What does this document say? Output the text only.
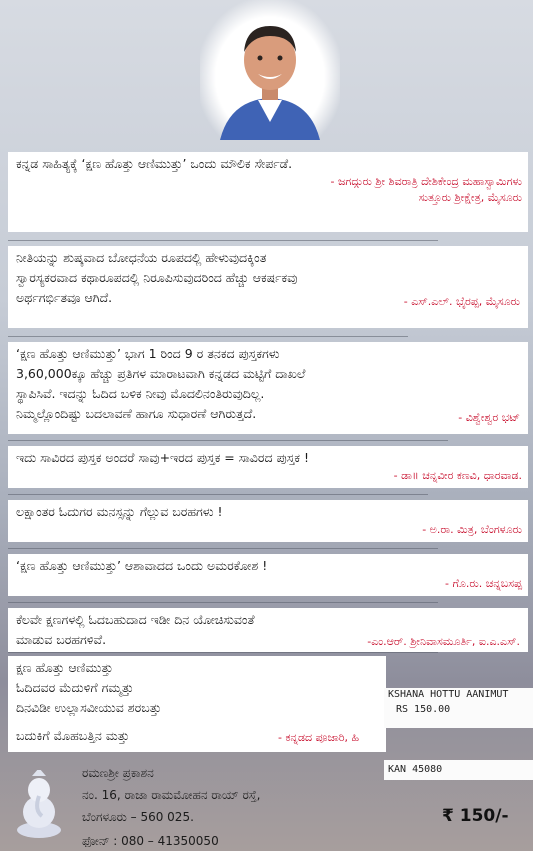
ಕನ್ನಡ ಸಾಹಿತ್ಯಕ್ಕೆ ‘ಕ್ಷಣ ಹೊತ್ತು ಆಣಿಮುತ್ತು’ ಒಂದು ಮೌಲಿಕ ಸೇರ್ಪಡೆ.
- ಜಗದ್ಗುರು ಶ್ರೀ ಶಿವರಾತ್ರಿ ದೇಶಿಕೇಂದ್ರ ಮಹಾಸ್ವಾಮಿಗಳು
ಸುತ್ತೂರು ಶ್ರೀಕ್ಷೇತ್ರ, ಮೈಸೂರು
ನೀತಿಯನ್ನು ಶುಷ್ಕವಾದ ಬೋಧನೆಯ ರೂಪದಲ್ಲಿ ಹೇಳುವುದಕ್ಕಿಂತ
ಸ್ವಾರಸ್ಯಕರವಾದ ಕಥಾರೂಪದಲ್ಲಿ ನಿರೂಪಿಸುವುದರಿಂದ ಹೆಚ್ಚು ಆಕರ್ಷಕವು
ಅರ್ಥಗರ್ಭಿತವೂ ಆಗಿದೆ.	- ಎಸ್.ಎಲ್. ಭೈರಪ್ಪ, ಮೈಸೂರು
‘ಕ್ಷಣ ಹೊತ್ತು ಆಣಿಮುತ್ತು’ ಭಾಗ 1 ರಿಂದ 9 ರ ತನಕದ ಪುಸ್ತಕಗಳು
3,60,000ಕ್ಕೂ ಹೆಚ್ಚು ಪ್ರತಿಗಳ ಮಾರಾಟವಾಗಿ ಕನ್ನಡದ ಮಟ್ಟಿಗೆ ದಾಖಲೆ
ಸ್ಥಾಪಿಸಿವೆ. ಇದನ್ನು ಓದಿದ ಬಳಿಕ ನೀವು ಮೊದಲಿನಂತಿರುವುದಿಲ್ಲ.
ನಿಮ್ಮಲ್ಲೊಂದಿಷ್ಟು ಬದಲಾವಣೆ ಹಾಗೂ ಸುಧಾರಣೆ ಆಗಿರುತ್ತದೆ.	- ವಿಶ್ವೇಶ್ವರ ಭಟ್
ಇದು ಸಾವಿರದ ಪುಸ್ತಕ ಅಂದರೆ ಸಾವು+ಇರದ ಪುಸ್ತಕ = ಸಾವಿರದ ಪುಸ್ತಕ !
- ಡಾ॥ ಚನ್ನವೀರ ಕಣವಿ, ಧಾರವಾಡ.
ಲಕ್ಷಾಂತರ ಓದುಗರ ಮನಸ್ಸನ್ನು ಗೆಲ್ಲುವ ಬರಹಗಳು !
- ಅ.ರಾ. ಮಿತ್ರ, ಬೆಂಗಳೂರು
‘ಕ್ಷಣ ಹೊತ್ತು ಆಣಿಮುತ್ತು’ ಆಶಾವಾದದ ಒಂದು ಅಮರಕೋಶ !
- ಗೊ.ರು. ಚನ್ನಬಸಪ್ಪ
ಕೆಲವೇ ಕ್ಷಣಗಳಲ್ಲಿ ಓದಬಹುದಾದ ಇಡೀ ದಿನ ಯೋಚಿಸುವಂತೆ
ಮಾಡುವ ಬರಹಗಳಿವೆ.	-ಎಂ.ಆರ್. ಶ್ರೀನಿವಾಸಮೂರ್ತಿ, ಐ.ಎ.ಎಸ್.
ಕ್ಷಣ ಹೊತ್ತು ಆಣಿಮುತ್ತು
ಓದಿದವರ ಮೆದುಳಿಗೆ ಗಮ್ಮತ್ತು
ದಿನವಿಡೀ ಉಲ್ಲಾಸವೀಯುವ ಶರಬತ್ತು
ಬದುಕಿಗೆ ಮೊಹಬತ್ತಿನ ಮತ್ತು	- ಕನ್ನಡದ ಪೂಜಾರಿ, ಹಿ
KSHANA HOTTU AANIMUT
RS 150.00
KAN 45080
ರಮಣಶ್ರೀ ಪ್ರಕಾಶನ
ನಂ. 16, ರಾಜಾ ರಾಮಮೋಹನ ರಾಯ್ ರಸ್ತೆ,
ಬೆಂಗಳೂರು – 560 025.
ಫೋನ್ : 080 – 41350050
₹ 150/-
